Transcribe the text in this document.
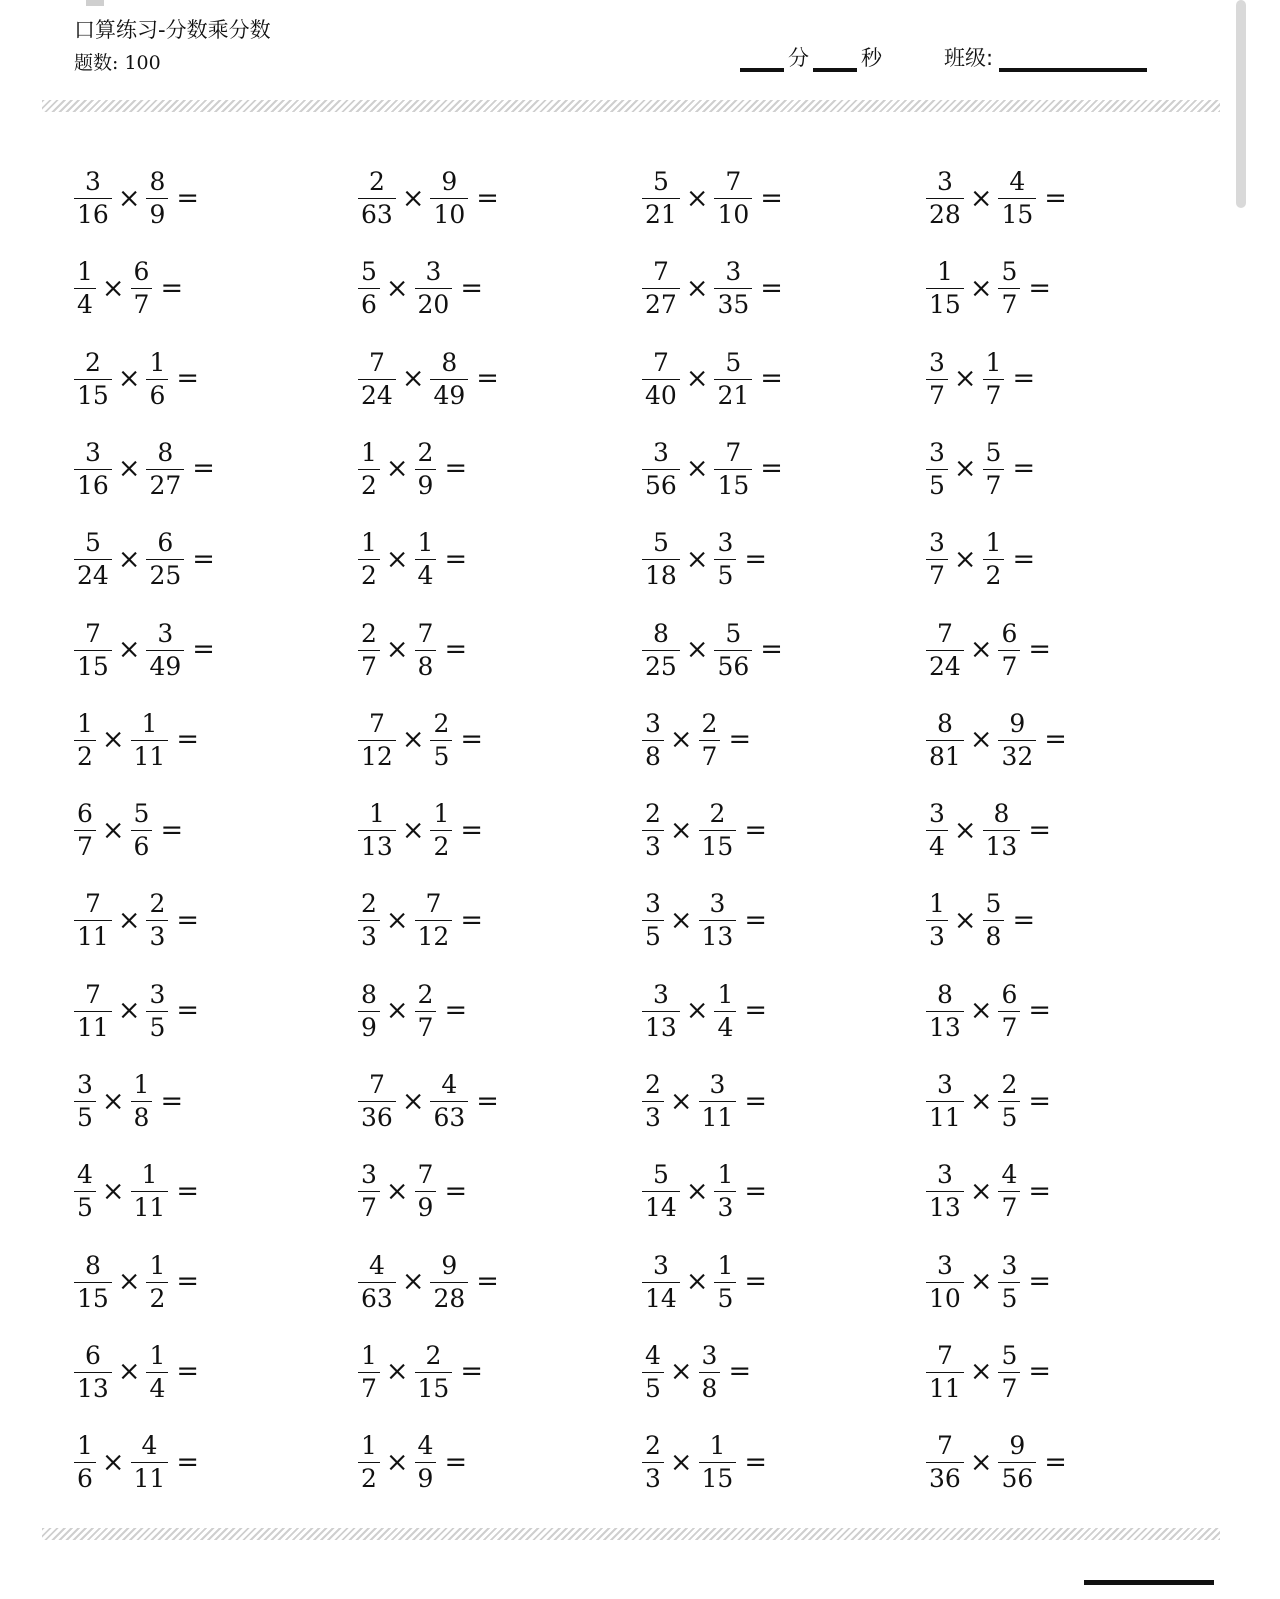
口算练习-分数乘分数
题数: 100	分 秒	班级:
$\frac{3}{16} \times \frac{8}{9}$ =	$\frac{2}{63} \times \frac{9}{10}$ =	$\frac{5}{21} \times \frac{7}{10}$ =	$\frac{3}{28} \times \frac{4}{15}$ =
$\frac{1}{4} \times \frac{6}{7}$ =	$\frac{5}{6} \times \frac{3}{20}$ =	$\frac{7}{27} \times \frac{3}{35}$ =	$\frac{1}{15} \times \frac{5}{7}$ =
$\frac{2}{15} \times \frac{1}{6}$ =	$\frac{7}{24} \times \frac{8}{49}$ =	$\frac{7}{40} \times \frac{5}{21}$ =	$\frac{3}{7} \times \frac{1}{7}$ =
$\frac{3}{16} \times \frac{8}{27}$ =	$\frac{1}{2} \times \frac{2}{9}$ =	$\frac{3}{56} \times \frac{7}{15}$ =	$\frac{3}{5} \times \frac{5}{7}$ =
$\frac{5}{24} \times \frac{6}{25}$ =	$\frac{1}{2} \times \frac{1}{4}$ =	$\frac{5}{18} \times \frac{3}{5}$ =	$\frac{3}{7} \times \frac{1}{2}$ =
$\frac{7}{15} \times \frac{3}{49}$ =	$\frac{2}{7} \times \frac{7}{8}$ =	$\frac{8}{25} \times \frac{5}{56}$ =	$\frac{7}{24} \times \frac{6}{7}$ =
$\frac{1}{2} \times \frac{1}{11}$ =	$\frac{7}{12} \times \frac{2}{5}$ =	$\frac{3}{8} \times \frac{2}{7}$ =	$\frac{8}{81} \times \frac{9}{32}$ =
$\frac{6}{7} \times \frac{5}{6}$ =	$\frac{1}{13} \times \frac{1}{2}$ =	$\frac{2}{3} \times \frac{2}{15}$ =	$\frac{3}{4} \times \frac{8}{13}$ =
$\frac{7}{11} \times \frac{2}{3}$ =	$\frac{2}{3} \times \frac{7}{12}$ =	$\frac{3}{5} \times \frac{3}{13}$ =	$\frac{1}{3} \times \frac{5}{8}$ =
$\frac{7}{11} \times \frac{3}{5}$ =	$\frac{8}{9} \times \frac{2}{7}$ =	$\frac{3}{13} \times \frac{1}{4}$ =	$\frac{8}{13} \times \frac{6}{7}$ =
$\frac{3}{5} \times \frac{1}{8}$ =	$\frac{7}{36} \times \frac{4}{63}$ =	$\frac{2}{3} \times \frac{3}{11}$ =	$\frac{3}{11} \times \frac{2}{5}$ =
$\frac{4}{5} \times \frac{1}{11}$ =	$\frac{3}{7} \times \frac{7}{9}$ =	$\frac{5}{14} \times \frac{1}{3}$ =	$\frac{3}{13} \times \frac{4}{7}$ =
$\frac{8}{15} \times \frac{1}{2}$ =	$\frac{4}{63} \times \frac{9}{28}$ =	$\frac{3}{14} \times \frac{1}{5}$ =	$\frac{3}{10} \times \frac{3}{5}$ =
$\frac{6}{13} \times \frac{1}{4}$ =	$\frac{1}{7} \times \frac{2}{15}$ =	$\frac{4}{5} \times \frac{3}{8}$ =	$\frac{7}{11} \times \frac{5}{7}$ =
$\frac{1}{6} \times \frac{4}{11}$ =	$\frac{1}{2} \times \frac{4}{9}$ =	$\frac{2}{3} \times \frac{1}{15}$ =	$\frac{7}{36} \times \frac{9}{56}$ =
